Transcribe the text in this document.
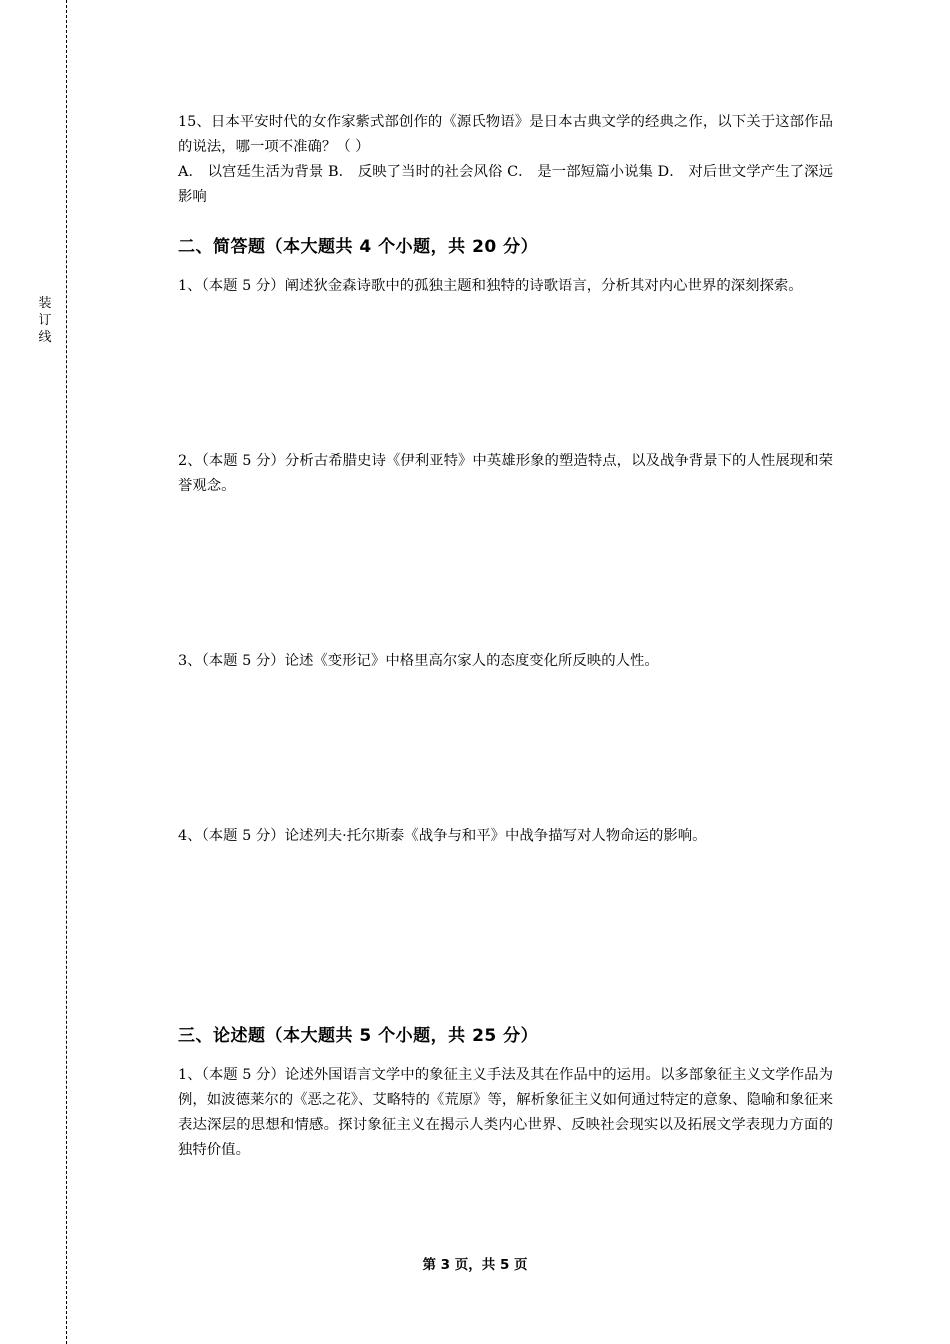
装
订
线

15、日本平安时代的女作家紫式部创作的《源氏物语》是日本古典文学的经典之作，以下关于这部作品的说法，哪一项不准确？（ ）

A． 以宫廷生活为背景 B． 反映了当时的社会风俗 C． 是一部短篇小说集 D． 对后世文学产生了深远影响

二、简答题（本大题共 4 个小题，共 20 分）

1、（本题 5 分）阐述狄金森诗歌中的孤独主题和独特的诗歌语言，分析其对内心世界的深刻探索。

2、（本题 5 分）分析古希腊史诗《伊利亚特》中英雄形象的塑造特点，以及战争背景下的人性展现和荣誉观念。

3、（本题 5 分）论述《变形记》中格里高尔家人的态度变化所反映的人性。

4、（本题 5 分）论述列夫·托尔斯泰《战争与和平》中战争描写对人物命运的影响。

三、论述题（本大题共 5 个小题，共 25 分）

1、（本题 5 分）论述外国语言文学中的象征主义手法及其在作品中的运用。以多部象征主义文学作品为例，如波德莱尔的《恶之花》、艾略特的《荒原》等，解析象征主义如何通过特定的意象、隐喻和象征来表达深层的思想和情感。探讨象征主义在揭示人类内心世界、反映社会现实以及拓展文学表现力方面的独特价值。

第 3 页，共 5 页
